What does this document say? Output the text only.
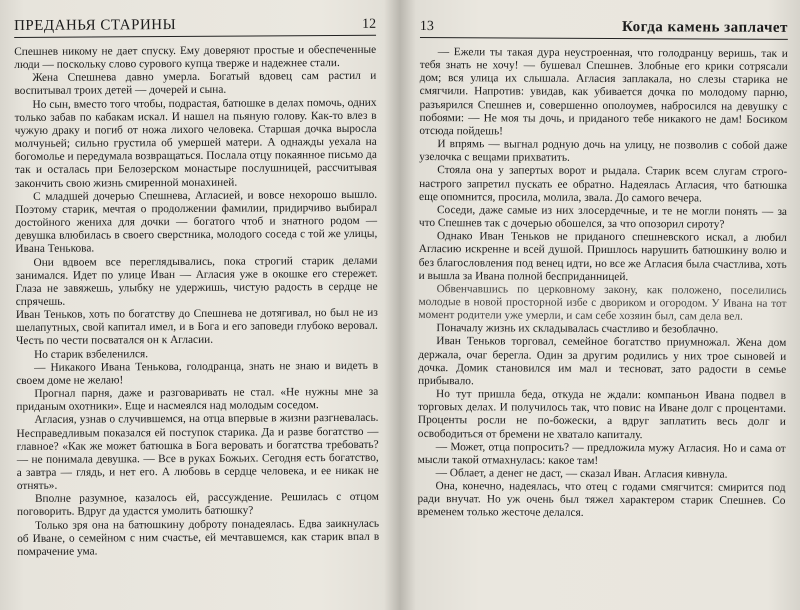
ПРЕДАНЬЯ СТАРИНЫ	12

Спешнев никому не дает спуску. Ему доверяют простые и обеспеченные люди — поскольку слово сурового купца тверже и надежнее стали.

Жена Спешнева давно умерла. Богатый вдовец сам растил и воспитывал троих детей — дочерей и сына.

Но сын, вместо того чтобы, подрастая, батюшке в делах помочь, одних только забав по кабакам искал. И нашел на пьяную голову. Как-то влез в чужую драку и погиб от ножа лихого человека. Старшая дочка выросла молчуньей; сильно грустила об умершей матери. А однажды уехала на богомолье и передумала возвращаться. Послала отцу покаянное письмо да так и осталась при Белозерском монастыре послушницей, рассчитывая закончить свою жизнь смиренной монахиней.

С младшей дочерью Спешнева, Агласией, и вовсе нехорошо вышло. Поэтому старик, мечтая о продолжении фамилии, придирчиво выбирал достойного жениха для дочки — богатого чтоб и знатного родом — девушка влюбилась в своего сверстника, молодого соседа с той же улицы, Ивана Тенькова.

Они вдвоем все переглядывались, пока строгий старик делами занимался. Идет по улице Иван — Агласия уже в окошке его стережет. Глаза не завяжешь, улыбку не удержишь, чистую радость в сердце не спрячешь.

Иван Теньков, хоть по богатству до Спешнева не дотягивал, но был не из шелапутных, свой капитал имел, и в Бога и его заповеди глубоко веровал. Честь по чести посватался он к Агласии.

Но старик взбеленился.

— Никакого Ивана Тенькова, голодранца, знать не знаю и видеть в своем доме не желаю!

Прогнал парня, даже и разговаривать не стал. «Не нужны мне за приданым охотники». Еще и насмеялся над молодым соседом.

Агласия, узнав о случившемся, на отца впервые в жизни разгневалась. Несправедливым показался ей поступок старика. Да и разве богатство — главное? «Как же может батюшка в Бога веровать и богатства требовать? — не понимала девушка. — Все в руках Божьих. Сегодня есть богатство, а завтра — глядь, и нет его. А любовь в сердце человека, и ее никак не отнять».

Вполне разумное, казалось ей, рассуждение. Решилась с отцом поговорить. Вдруг да удастся умолить батюшку?

Только зря она на батюшкину доброту понадеялась. Едва заикнулась об Иване, о семейном с ним счастье, ей мечтавшемся, как старик впал в помрачение ума.

13	Когда камень заплачет

— Ежели ты такая дура неустроенная, что голодранцу веришь, так и тебя знать не хочу! — бушевал Спешнев. Злобные его крики сотрясали дом; вся улица их слышала. Агласия заплакала, но слезы старика не смягчили. Напротив: увидав, как убивается дочка по молодому парню, разъярился Спешнев и, совершенно ополоумев, набросился на девушку с побоями: — Не моя ты дочь, и приданого тебе никакого не дам! Босиком отсюда пойдешь!

И впрямь — выгнал родную дочь на улицу, не позволив с собой даже узелочка с вещами прихватить.

Стояла она у запертых ворот и рыдала. Старик всем слугам строго-настрого запретил пускать ее обратно. Надеялась Агласия, что батюшка еще опомнится, просила, молила, звала. До самого вечера.

Соседи, даже самые из них злосердечные, и те не могли понять — за что Спешнев так с дочерью обошелся, за что опозорил сироту?

Однако Иван Теньков не приданого спешневского искал, а любил Агласию искренне и всей душой. Пришлось нарушить батюшкину волю и без благословления под венец идти, но все же Агласия была счастлива, хоть и вышла за Ивана полной бесприданницей.

Обвенчавшись по церковному закону, как положено, поселились молодые в новой просторной избе с двориком и огородом. У Ивана на тот момент родители уже умерли, и сам себе хозяин был, сам дела вел.

Поначалу жизнь их складывалась счастливо и безоблачно.

Иван Теньков торговал, семейное богатство приумножал. Жена дом держала, очаг берегла. Один за другим родились у них трое сыновей и дочка. Домик становился им мал и тесноват, зато радости в семье прибывало.

Но тут пришла беда, откуда не ждали: компаньон Ивана подвел в торговых делах. И получилось так, что повис на Иване долг с процентами. Проценты росли не по-божески, а вдруг заплатить весь долг и освободиться от бремени не хватало капиталу.

— Может, отца попросить? — предложила мужу Агласия. Но и сама от мысли такой отмахнулась: какое там!

— Облает, а денег не даст, — сказал Иван. Агласия кивнула.

Она, конечно, надеялась, что отец с годами смягчится: смирится под ради внучат. Но уж очень был тяжел характером старик Спешнев. Со временем только жесточе делался.
